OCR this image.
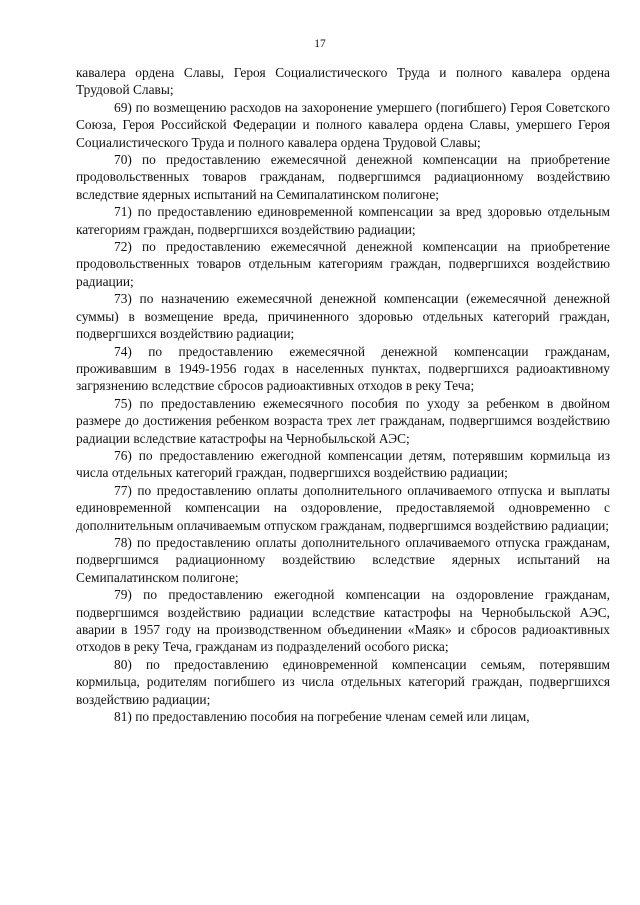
17

кавалера ордена Славы, Героя Социалистического Труда и полного кавалера ордена Трудовой Славы;

69) по возмещению расходов на захоронение умершего (погибшего) Героя Советского Союза, Героя Российской Федерации и полного кавалера ордена Славы, умершего Героя Социалистического Труда и полного кавалера ордена Трудовой Славы;

70) по предоставлению ежемесячной денежной компенсации на приобретение продовольственных товаров гражданам, подвергшимся радиационному воздействию вследствие ядерных испытаний на Семипалатинском полигоне;

71) по предоставлению единовременной компенсации за вред здоровью отдельным категориям граждан, подвергшихся воздействию радиации;

72) по предоставлению ежемесячной денежной компенсации на приобретение продовольственных товаров отдельным категориям граждан, подвергшихся воздействию радиации;

73) по назначению ежемесячной денежной компенсации (ежемесячной денежной суммы) в возмещение вреда, причиненного здоровью отдельных категорий граждан, подвергшихся воздействию радиации;

74) по предоставлению ежемесячной денежной компенсации гражданам, проживавшим в 1949-1956 годах в населенных пунктах, подвергшихся радиоактивному загрязнению вследствие сбросов радиоактивных отходов в реку Теча;

75) по предоставлению ежемесячного пособия по уходу за ребенком в двойном размере до достижения ребенком возраста трех лет гражданам, подвергшимся воздействию радиации вследствие катастрофы на Чернобыльской АЭС;

76) по предоставлению ежегодной компенсации детям, потерявшим кормильца из числа отдельных категорий граждан, подвергшихся воздействию радиации;

77) по предоставлению оплаты дополнительного оплачиваемого отпуска и выплаты единовременной компенсации на оздоровление, предоставляемой одновременно с дополнительным оплачиваемым отпуском гражданам, подвергшимся воздействию радиации;

78) по предоставлению оплаты дополнительного оплачиваемого отпуска гражданам, подвергшимся радиационному воздействию вследствие ядерных испытаний на Семипалатинском полигоне;

79) по предоставлению ежегодной компенсации на оздоровление гражданам, подвергшимся воздействию радиации вследствие катастрофы на Чернобыльской АЭС, аварии в 1957 году на производственном объединении «Маяк» и сбросов радиоактивных отходов в реку Теча, гражданам из подразделений особого риска;

80) по предоставлению единовременной компенсации семьям, потерявшим кормильца, родителям погибшего из числа отдельных категорий граждан, подвергшихся воздействию радиации;

81) по предоставлению пособия на погребение членам семей или лицам,
